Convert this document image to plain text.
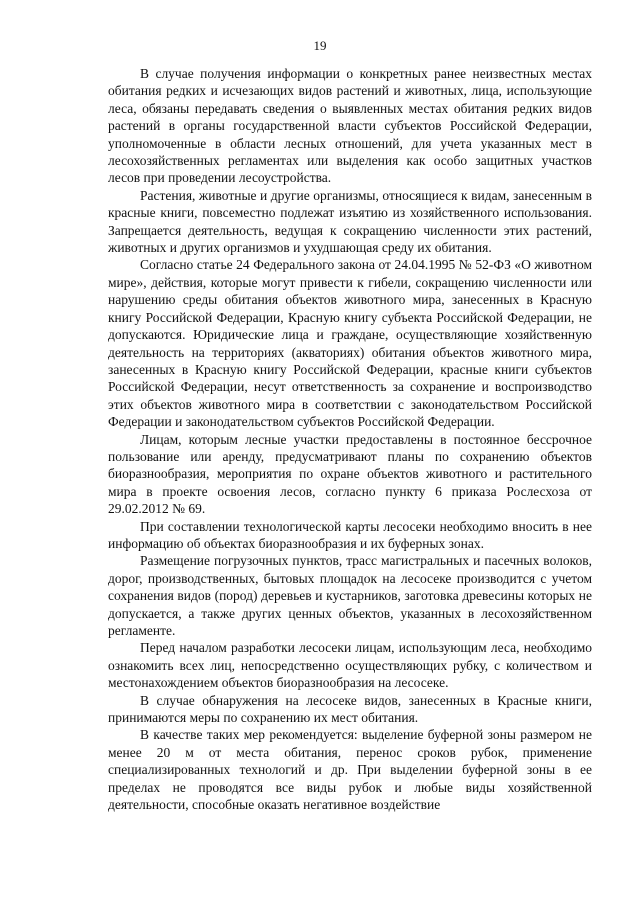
19

В случае получения информации о конкретных ранее неизвестных местах обитания редких и исчезающих видов растений и животных, лица, использующие леса, обязаны передавать сведения о выявленных местах обитания редких видов растений в органы государственной власти субъектов Российской Федерации, уполномоченные в области лесных отношений, для учета указанных мест в лесохозяйственных регламентах или выделения как особо защитных участков лесов при проведении лесоустройства.

Растения, животные и другие организмы, относящиеся к видам, занесенным в красные книги, повсеместно подлежат изъятию из хозяйственного использования. Запрещается деятельность, ведущая к сокращению численности этих растений, животных и других организмов и ухудшающая среду их обитания.

Согласно статье 24 Федерального закона от 24.04.1995 № 52-ФЗ «О животном мире», действия, которые могут привести к гибели, сокращению численности или нарушению среды обитания объектов животного мира, занесенных в Красную книгу Российской Федерации, Красную книгу субъекта Российской Федерации, не допускаются. Юридические лица и граждане, осуществляющие хозяйственную деятельность на территориях (акваториях) обитания объектов животного мира, занесенных в Красную книгу Российской Федерации, красные книги субъектов Российской Федерации, несут ответственность за сохранение и воспроизводство этих объектов животного мира в соответствии с законодательством Российской Федерации и законодательством субъектов Российской Федерации.

Лицам, которым лесные участки предоставлены в постоянное бессрочное пользование или аренду, предусматривают планы по сохранению объектов биоразнообразия, мероприятия по охране объектов животного и растительного мира в проекте освоения лесов, согласно пункту 6 приказа Рослесхоза от 29.02.2012 № 69.

При составлении технологической карты лесосеки необходимо вносить в нее информацию об объектах биоразнообразия и их буферных зонах.

Размещение погрузочных пунктов, трасс магистральных и пасечных волоков, дорог, производственных, бытовых площадок на лесосеке производится с учетом сохранения видов (пород) деревьев и кустарников, заготовка древесины которых не допускается, а также других ценных объектов, указанных в лесохозяйственном регламенте.

Перед началом разработки лесосеки лицам, использующим леса, необходимо ознакомить всех лиц, непосредственно осуществляющих рубку, с количеством и местонахождением объектов биоразнообразия на лесосеке.

В случае обнаружения на лесосеке видов, занесенных в Красные книги, принимаются меры по сохранению их мест обитания.

В качестве таких мер рекомендуется: выделение буферной зоны размером не менее 20 м от места обитания, перенос сроков рубок, применение специализированных технологий и др. При выделении буферной зоны в ее пределах не проводятся все виды рубок и любые виды хозяйственной деятельности, способные оказать негативное воздействие
